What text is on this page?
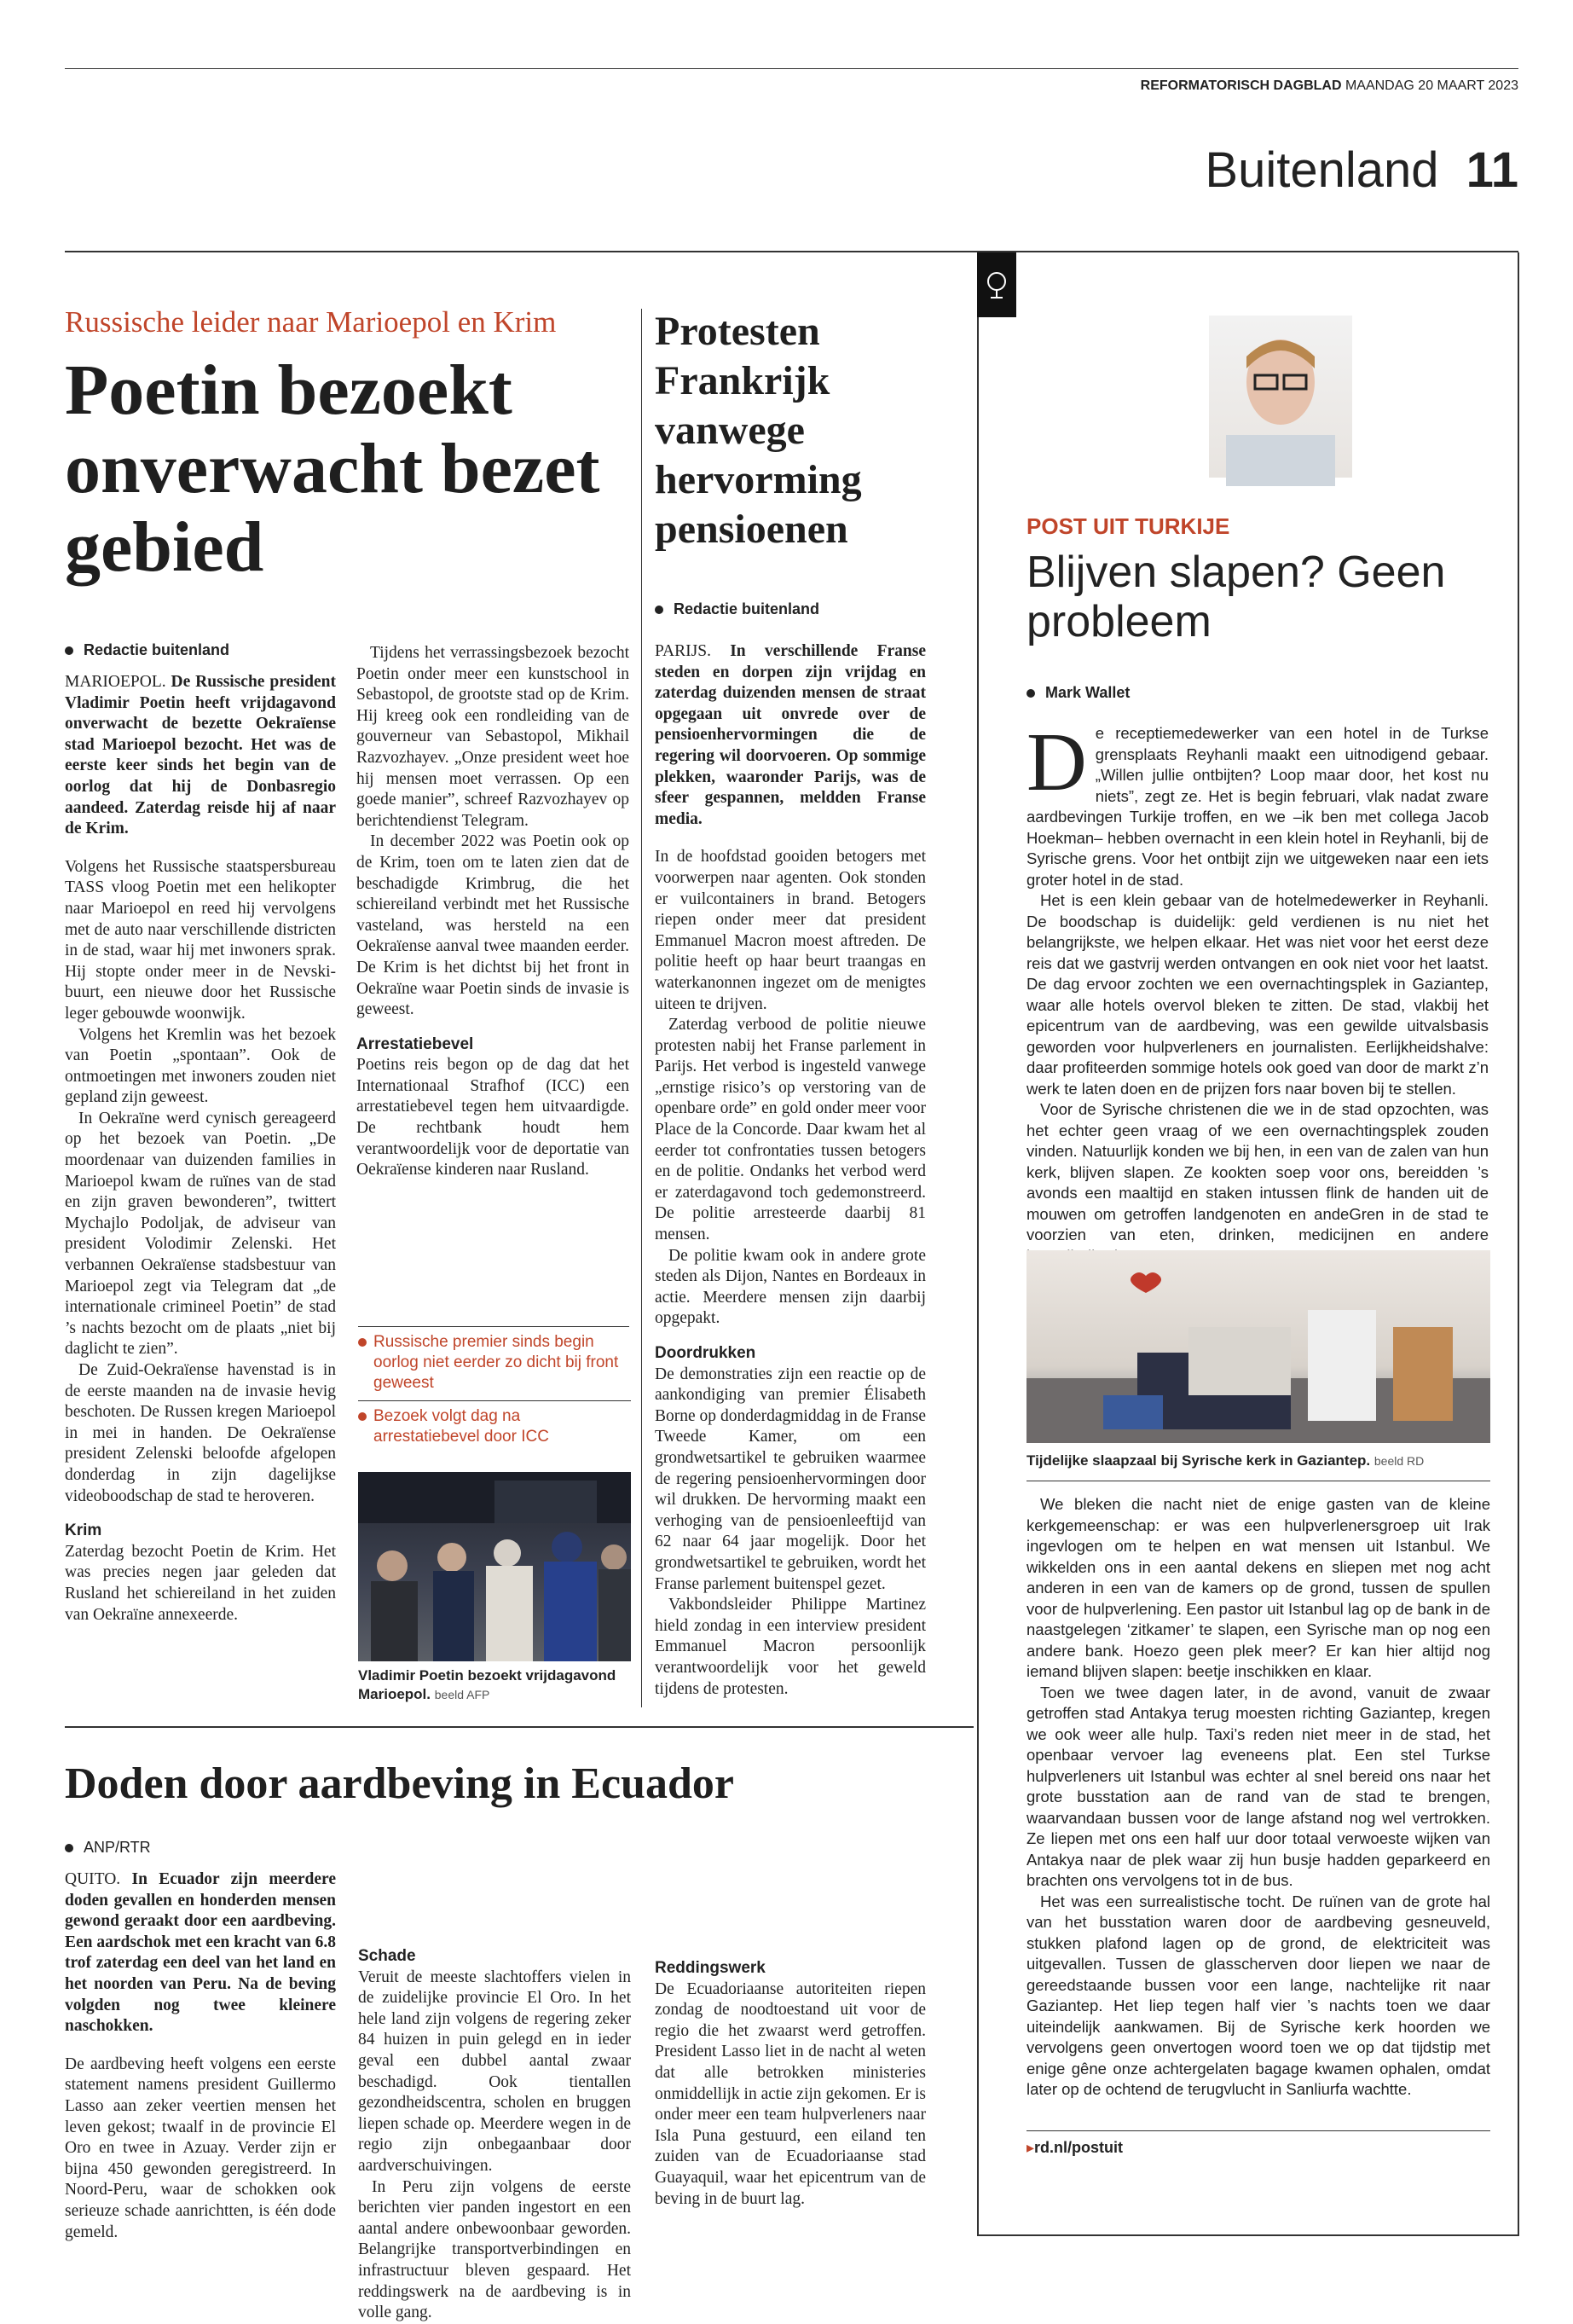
REFORMATORISCH DAGBLAD MAANDAG 20 MAART 2023
Buitenland 11
Russische leider naar Marioepol en Krim
Poetin bezoekt onverwacht bezet gebied
Redactie buitenland

MARIOEPOL. De Russische president Vladimir Poetin heeft vrijdagavond onverwacht de bezette Oekraïense stad Marioepol bezocht. Het was de eerste keer sinds het begin van de oorlog dat hij de Donbasregio aandeed. Zaterdag reisde hij af naar de Krim.

Volgens het Russische staatspersbureau TASS vloog Poetin met een helikopter naar Marioepol en reed hij vervolgens met de auto naar verschillende districten in de stad, waar hij met inwoners sprak. Hij stopte onder meer in de Nevski-buurt, een nieuwe door het Russische leger gebouwde woonwijk.

Volgens het Kremlin was het bezoek van Poetin „spontaan”. Ook de ontmoetingen met inwoners zouden niet gepland zijn geweest.

In Oekraïne werd cynisch gereageerd op het bezoek van Poetin. „De moordenaar van duizenden families in Marioepol kwam de ruïnes van de stad en zijn graven bewonderen”, twittert Mychajlo Podoljak, de adviseur van president Volodimir Zelenski. Het verbannen Oekraïense stadsbestuur van Marioepol zegt via Telegram dat „de internationale crimineel Poetin” de stad ’s nachts bezocht om de plaats „niet bij daglicht te zien”.

De Zuid-Oekraïense havenstad is in de eerste maanden na de invasie hevig beschoten. De Russen kregen Marioepol in mei in handen. De Oekraïense president Zelenski beloofde afgelopen donderdag in zijn dagelijkse videoboodschap de stad te heroveren.

Krim

Zaterdag bezocht Poetin de Krim. Het was precies negen jaar geleden dat Rusland het schiereiland in het zuiden van Oekraïne annexeerde.

Tijdens het verrassingsbezoek bezocht Poetin onder meer een kunstschool in Sebastopol, de grootste stad op de Krim. Hij kreeg ook een rondleiding van de gouverneur van Sebastopol, Mikhail Razvozhayev. „Onze president weet hoe hij mensen moet verrassen. Op een goede manier”, schreef Razvozhayev op berichtendienst Telegram.

In december 2022 was Poetin ook op de Krim, toen om te laten zien dat de beschadigde Krimbrug, die het schiereiland verbindt met het Russische vasteland, was hersteld na een Oekraïense aanval twee maanden eerder. De Krim is het dichtst bij het front in Oekraïne waar Poetin sinds de invasie is geweest.

Arrestatiebevel

Poetins reis begon op de dag dat het Internationaal Strafhof (ICC) een arrestatiebevel tegen hem uitvaardigde. De rechtbank houdt hem verantwoordelijk voor de deportatie van Oekraïense kinderen naar Rusland.

Russische premier sinds begin oorlog niet eerder zo dicht bij front geweest
Bezoek volgt dag na arrestatiebevel door ICC
Vladimir Poetin bezoekt vrijdagavond Marioepol. beeld AFP
Protesten Frankrijk vanwege hervorming pensioenen
Redactie buitenland

PARIJS. In verschillende Franse steden en dorpen zijn vrijdag en zaterdag duizenden mensen de straat opgegaan uit onvrede over de pensioenhervormingen die de regering wil doorvoeren. Op sommige plekken, waaronder Parijs, was de sfeer gespannen, meldden Franse media.

In de hoofdstad gooiden betogers met voorwerpen naar agenten. Ook stonden er vuilcontainers in brand. Betogers riepen onder meer dat president Emmanuel Macron moest aftreden. De politie heeft op haar beurt traangas en waterkanonnen ingezet om de menigtes uiteen te drijven.

Zaterdag verbood de politie nieuwe protesten nabij het Franse parlement in Parijs. Het verbod is ingesteld vanwege „ernstige risico’s op verstoring van de openbare orde” en gold onder meer voor Place de la Concorde. Daar kwam het al eerder tot confrontaties tussen betogers en de politie. Ondanks het verbod werd er zaterdagavond toch gedemonstreerd. De politie arresteerde daarbij 81 mensen.

De politie kwam ook in andere grote steden als Dijon, Nantes en Bordeaux in actie. Meerdere mensen zijn daarbij opgepakt.

Doordrukken

De demonstraties zijn een reactie op de aankondiging van premier Élisabeth Borne op donderdagmiddag in de Franse Tweede Kamer, om een grondwetsartikel te gebruiken waarmee de regering pensioenhervormingen door wil drukken. De hervorming maakt een verhoging van de pensioenleeftijd van 62 naar 64 jaar mogelijk. Door het grondwetsartikel te gebruiken, wordt het Franse parlement buitenspel gezet.

Vakbondsleider Philippe Martinez hield zondag in een interview president Emmanuel Macron persoonlijk verantwoordelijk voor het geweld tijdens de protesten.

Doden door aardbeving in Ecuador
ANP/RTR

QUITO. In Ecuador zijn meerdere doden gevallen en honderden mensen gewond geraakt door een aardbeving. Een aardschok met een kracht van 6.8 trof zaterdag een deel van het land en het noorden van Peru. Na de beving volgden nog twee kleinere naschokken.

De aardbeving heeft volgens een eerste statement namens president Guillermo Lasso aan zeker veertien mensen het leven gekost; twaalf in de provincie El Oro en twee in Azuay. Verder zijn er bijna 450 gewonden geregistreerd. In Noord-Peru, waar de schokken ook serieuze schade aanrichtten, is één dode gemeld.

Schade

Veruit de meeste slachtoffers vielen in de zuidelijke provincie El Oro. In het hele land zijn volgens de regering zeker 84 huizen in puin gelegd en in ieder geval een dubbel aantal zwaar beschadigd. Ook tientallen gezondheidscentra, scholen en bruggen liepen schade op. Meerdere wegen in de regio zijn onbegaanbaar door aardverschuivingen.

In Peru zijn volgens de eerste berichten vier panden ingestort en een aantal andere onbewoonbaar geworden. Belangrijke transportverbindingen en infrastructuur bleven gespaard. Het reddingswerk na de aardbeving is in volle gang.

Reddingswerk

De Ecuadoriaanse autoriteiten riepen zondag de noodtoestand uit voor de regio die het zwaarst werd getroffen. President Lasso liet in de nacht al weten dat alle betrokken ministeries onmiddellijk in actie zijn gekomen. Er is onder meer een team hulpverleners naar Isla Puna gestuurd, een eiland ten zuiden van de Ecuadoriaanse stad Guayaquil, waar het epicentrum van de beving in de buurt lag.

POST UIT TURKIJE
Blijven slapen? Geen probleem
Mark Wallet
D e receptiemedewerker van een hotel in de Turkse grensplaats Reyhanli maakt een uitnodigend gebaar. „Willen jullie ontbijten? Loop maar door, het kost nu niets”, zegt ze. Het is begin februari, vlak nadat zware aardbevingen Turkije troffen, en we –ik ben met collega Jacob Hoekman– hebben overnacht in een klein hotel in Reyhanli, bij de Syrische grens. Voor het ontbijt zijn we uitgeweken naar een iets groter hotel in de stad.

Het is een klein gebaar van de hotelmedewerker in Reyhanli. De boodschap is duidelijk: geld verdienen is nu niet het belangrijkste, we helpen elkaar. Het was niet voor het eerst deze reis dat we gastvrij werden ontvangen en ook niet voor het laatst. De dag ervoor zochten we een overnachtingsplek in Gaziantep, waar alle hotels overvol bleken te zitten. De stad, vlakbij het epicentrum van de aardbeving, was een gewilde uitvalsbasis geworden voor hulpverleners en journalisten. Eerlijkheidshalve: daar profiteerden sommige hotels ook goed van door de markt z’n werk te laten doen en de prijzen fors naar boven bij te stellen.

Voor de Syrische christenen die we in de stad opzochten, was het echter geen vraag of we een overnachtingsplek zouden vinden. Natuurlijk konden we bij hen, in een van de zalen van hun kerk, blijven slapen. Ze kookten soep voor ons, bereidden ’s avonds een maaltijd en staken intussen flink de handen uit de mouwen om getroffen landgenoten en andeGren in de stad te voorzien van eten, drinken, medicijnen en andere

Tijdelijke slaapzaal bij Syrische kerk in Gaziantep. beeld RD

We bleken die nacht niet de enige gasten van de kleine kerkgemeenschap: er was een hulpverlenersgroep uit Irak ingevlogen om te helpen en wat mensen uit Istanbul. We wikkelden ons in een aantal dekens en sliepen met nog acht anderen in een van de kamers op de grond, tussen de spullen voor de hulpverlening. Een pastor uit Istanbul lag op de bank in de naastgelegen ‘zitkamer’ te slapen, een Syrische man op nog een andere bank. Hoezo geen plek meer? Er kan hier altijd nog iemand blijven slapen: beetje inschikken en klaar.

Toen we twee dagen later, in de avond, vanuit de zwaar getroffen stad Antakya terug moesten richting Gaziantep, kregen we ook weer alle hulp. Taxi’s reden niet meer in de stad, het openbaar vervoer lag eveneens plat. Een stel Turkse hulpverleners uit Istanbul was echter al snel bereid ons naar het grote busstation aan de rand van de stad te brengen, waarvandaan bussen voor de lange afstand nog wel vertrokken. Ze liepen met ons een half uur door totaal verwoeste wijken van Antakya naar de plek waar zij hun busje hadden geparkeerd en brachten ons vervolgens tot in de bus.

Het was een surrealistische tocht. De ruïnen van de grote hal van het busstation waren door de aardbeving gesneuveld, stukken plafond lagen op de grond, de elektriciteit was uitgevallen. Tussen de glasscherven door liepen we naar de gereedstaande bussen voor een lange, nachtelijke rit naar Gaziantep. Het liep tegen half vier ’s nachts toen we daar uiteindelijk aankwamen. Bij de Syrische kerk hoorden we vervolgens geen onvertogen woord toen we op dat tijdstip met enige gêne onze achtergelaten bagage kwamen ophalen, omdat later op de ochtend de terugvlucht in Sanliurfa wachtte.

▸rd.nl/postuit
